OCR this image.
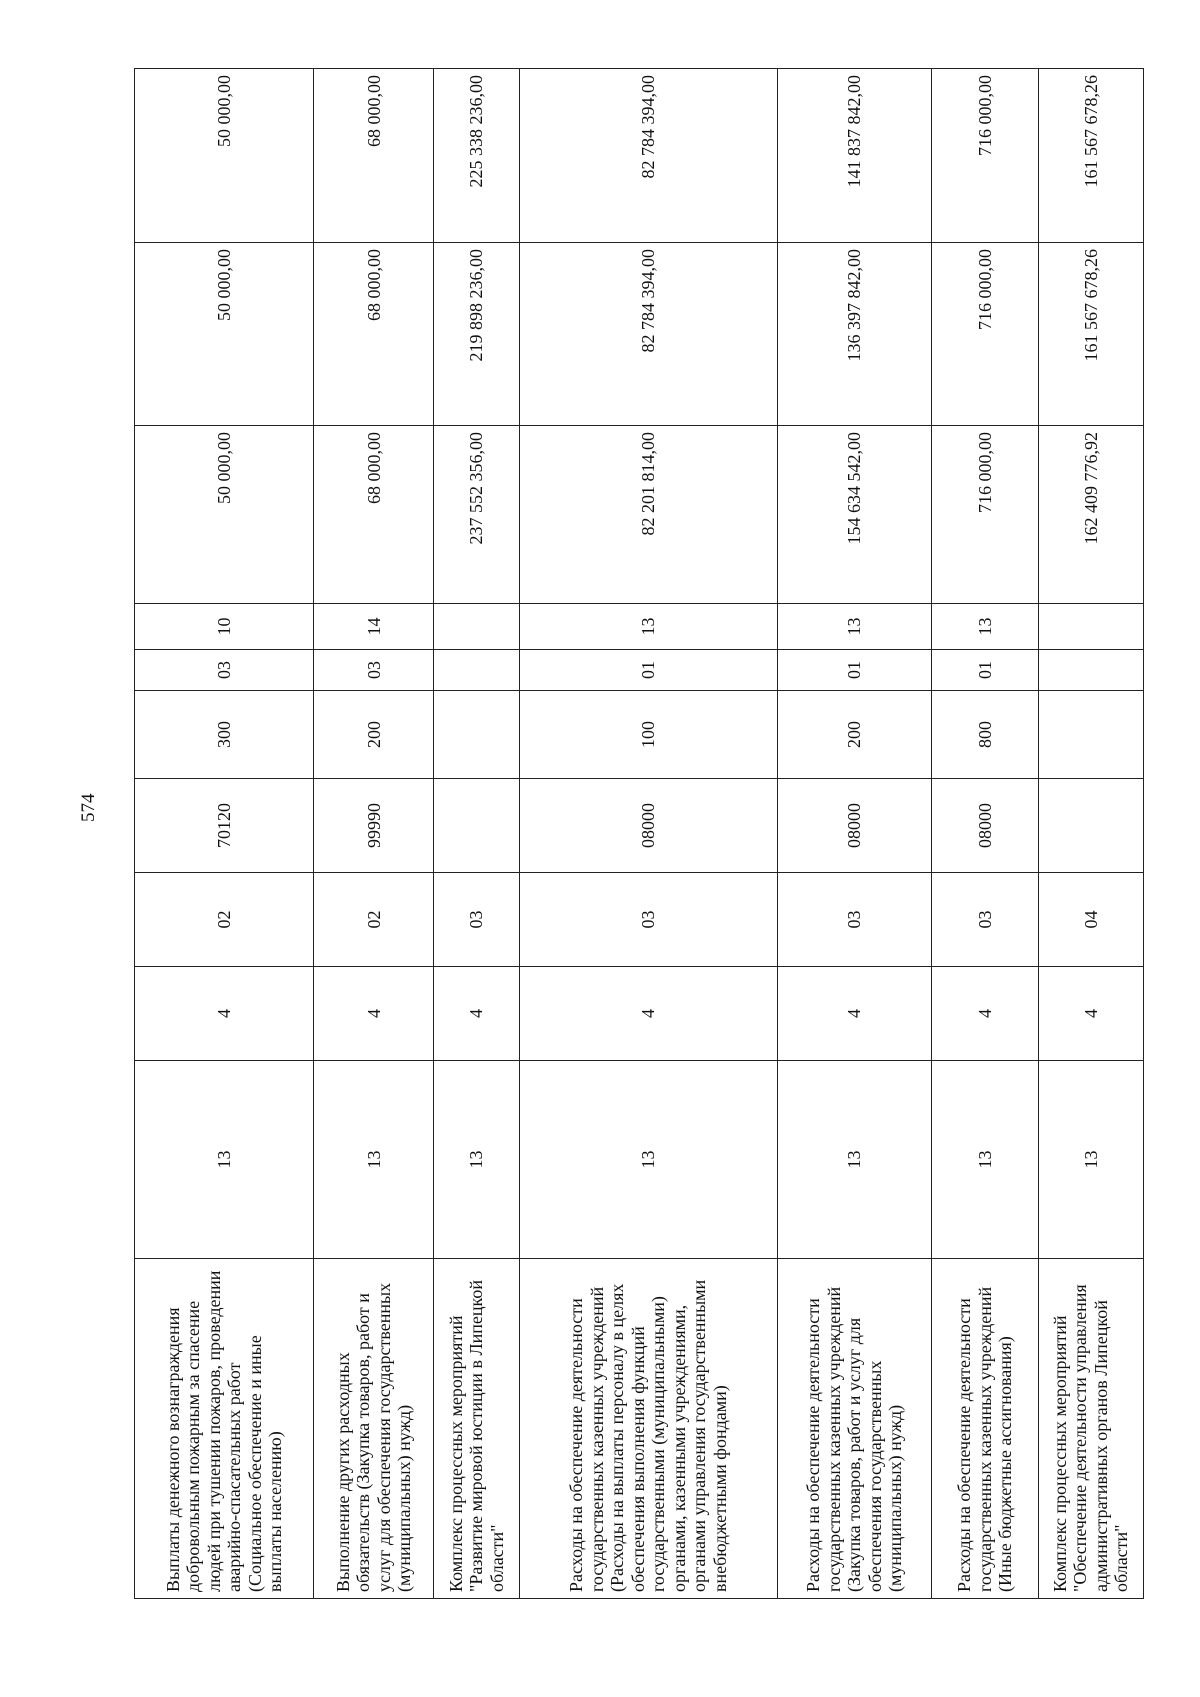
574
Выплаты денежного вознаграждения добровольным пожарным за спасение людей при тушении пожаров, проведении аварийно-спасательных работ (Социальное обеспечение и иные выплаты населению)	13	4	02	70120	300	03	10	50 000,00	50 000,00	50 000,00
Выполнение других расходных обязательств (Закупка товаров, работ и услуг для обеспечения государственных (муниципальных) нужд)	13	4	02	99990	200	03	14	68 000,00	68 000,00	68 000,00
Комплекс процессных мероприятий "Развитие мировой юстиции в Липецкой области"	13	4	03					237 552 356,00	219 898 236,00	225 338 236,00
Расходы на обеспечение деятельности государственных казенных учреждений (Расходы на выплаты персоналу в целях обеспечения выполнения функций государственными (муниципальными) органами, казенными учреждениями, органами управления государственными внебюджетными фондами)	13	4	03	08000	100	01	13	82 201 814,00	82 784 394,00	82 784 394,00
Расходы на обеспечение деятельности государственных казенных учреждений (Закупка товаров, работ и услуг для обеспечения государственных (муниципальных) нужд)	13	4	03	08000	200	01	13	154 634 542,00	136 397 842,00	141 837 842,00
Расходы на обеспечение деятельности государственных казенных учреждений (Иные бюджетные ассигнования)	13	4	03	08000	800	01	13	716 000,00	716 000,00	716 000,00
Комплекс процессных мероприятий "Обеспечение деятельности управления административных органов Липецкой области"	13	4	04					162 409 776,92	161 567 678,26	161 567 678,26
